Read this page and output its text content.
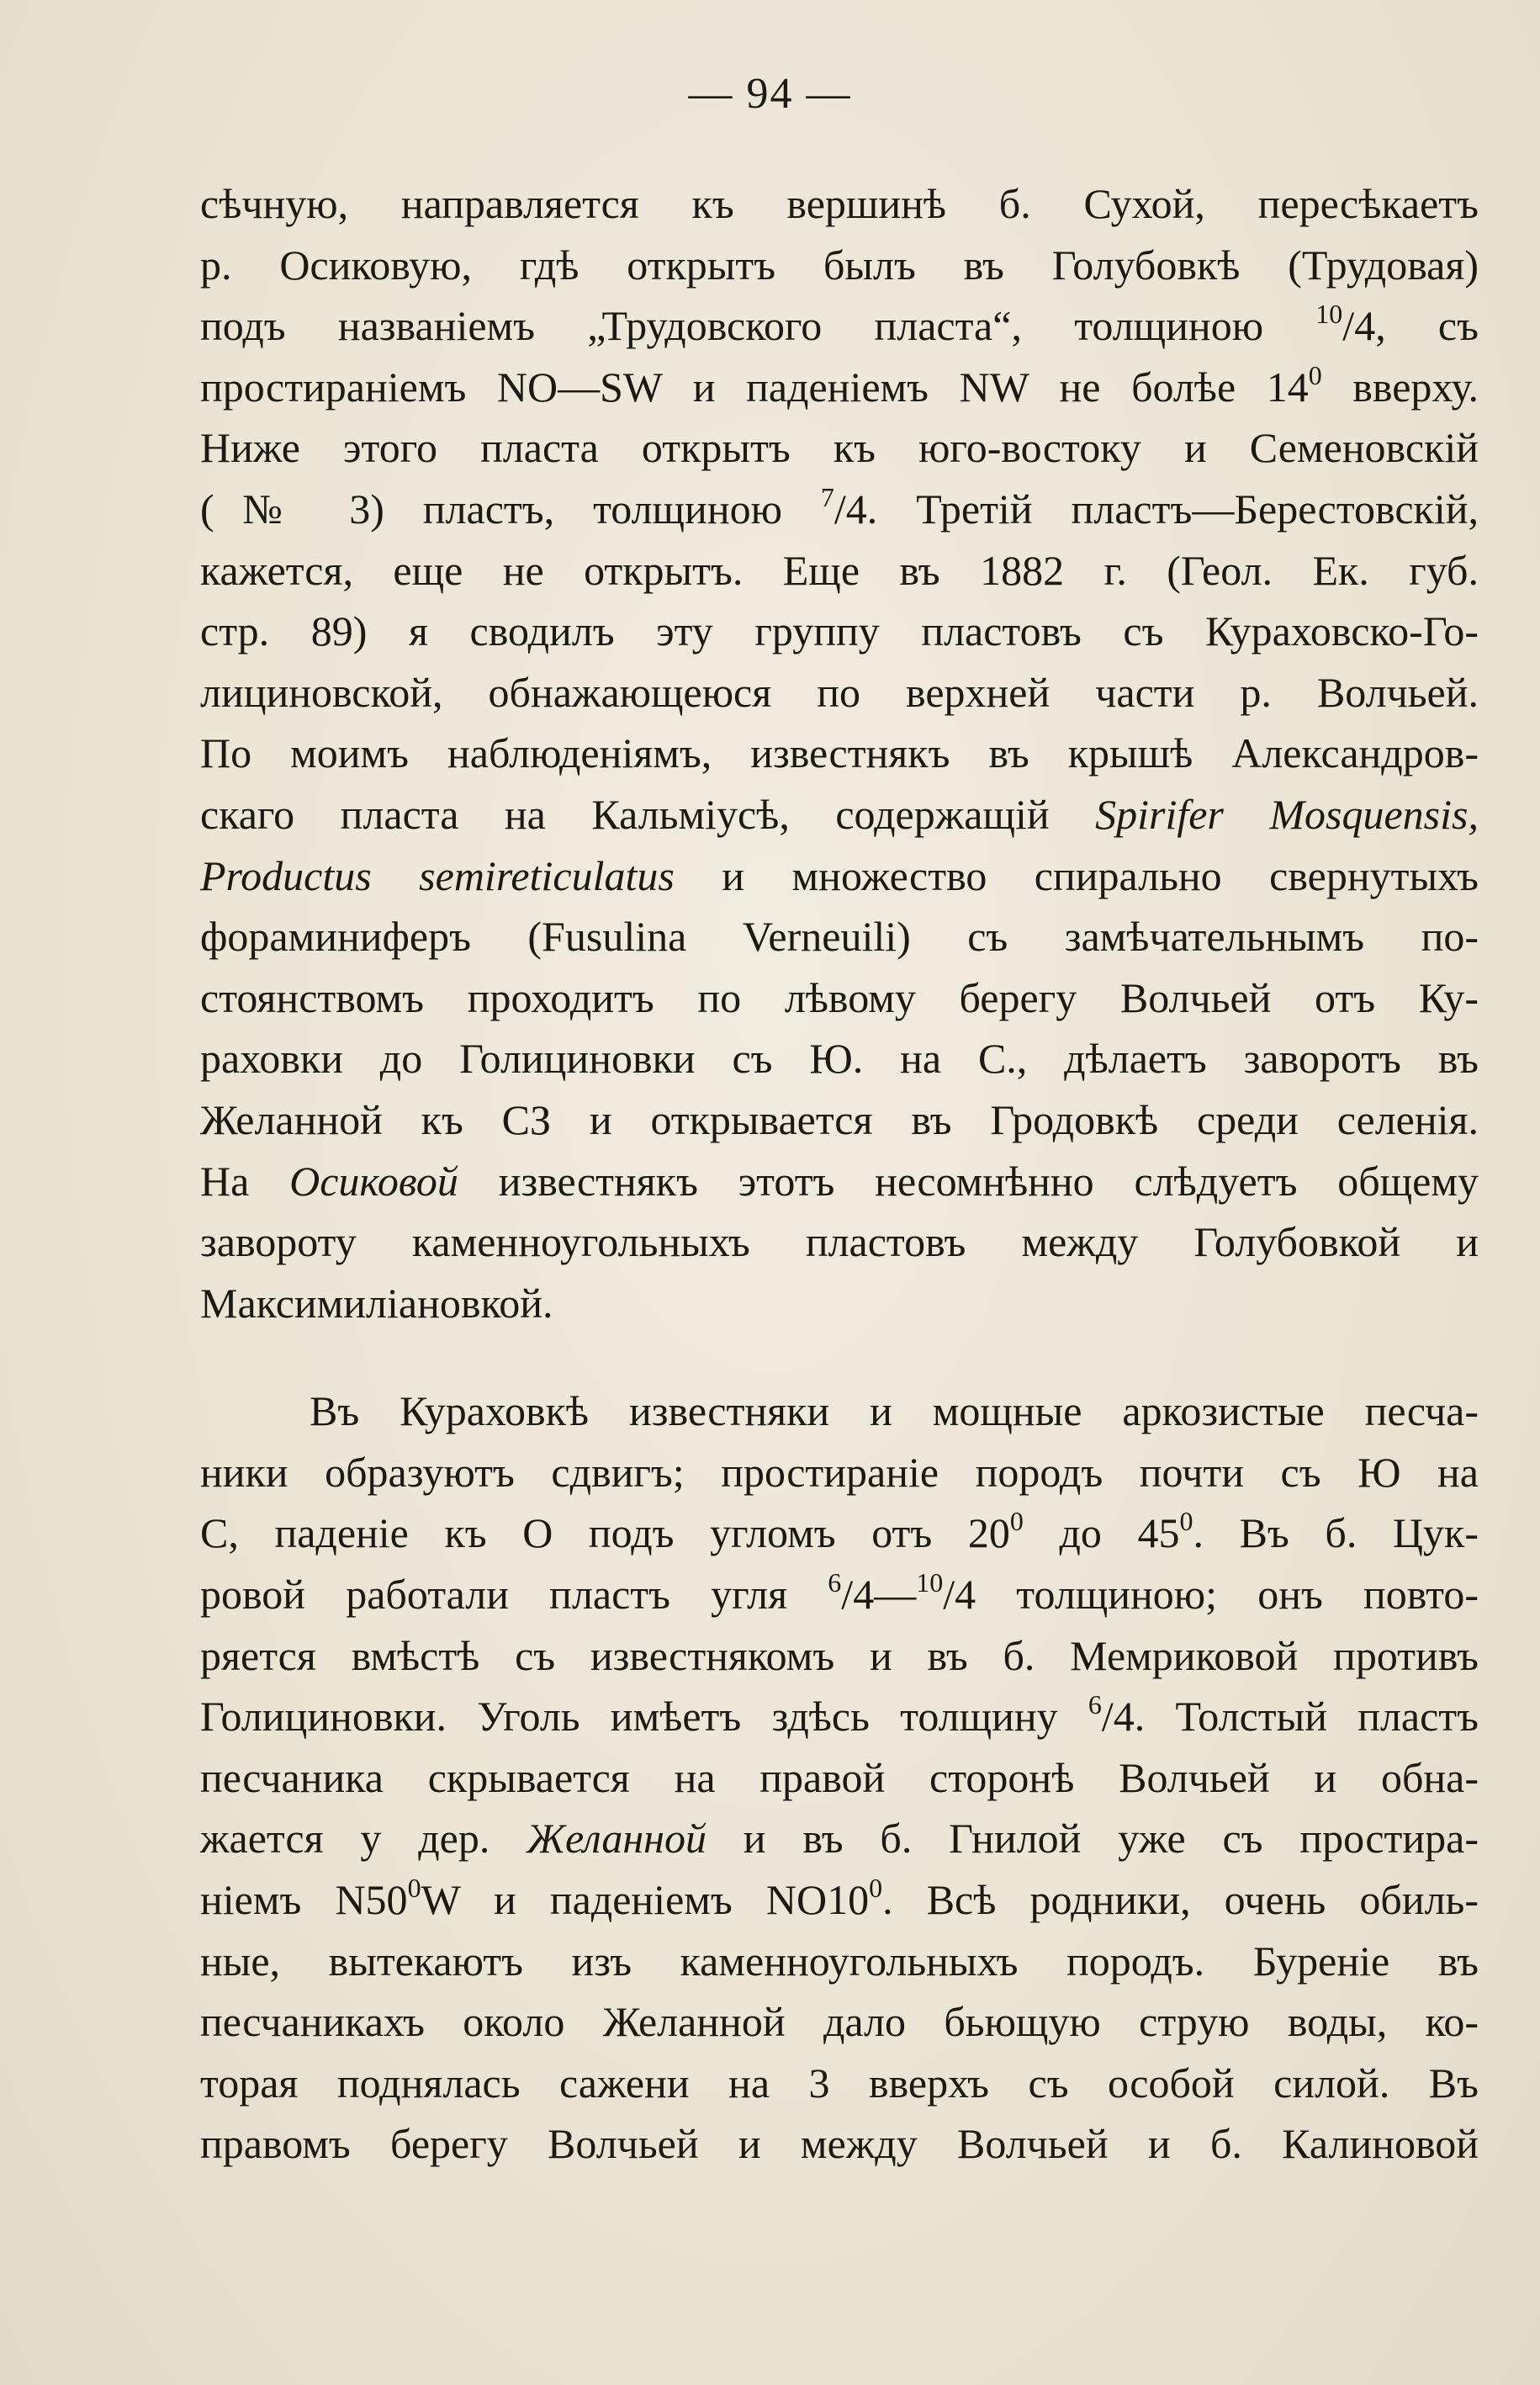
— 94 —
сѣчную, направляется къ вершинѣ б. Сухой, пересѣкаетъ
р. Осиковую, гдѣ открытъ былъ въ Голубовкѣ (Трудовая)
подъ названіемъ „Трудовского пласта“, толщиною $^{10}$/4, съ
простираніемъ NO—SW и паденіемъ NW не болѣе $14^0$ вверху.
Ниже этого пласта открытъ къ юго-востоку и Семеновскій
(№ 3) пластъ, толщиною $^7$/4. Третій пластъ—Берестовскій,
кажется, еще не открытъ. Еще въ 1882 г. (Геол. Ек. губ.
стр. 89) я сводилъ эту группу пластовъ съ Кураховско-Го-
лициновской, обнажающеюся по верхней части р. Волчьей.
По моимъ наблюденіямъ, известнякъ въ крышѣ Александров-
скаго пласта на Кальміусѣ, содержащій Spirifer Mosquensis,
Productus semireticulatus и множество спирально свернутыхъ
фораминиферъ (Fusulina Verneuili) съ замѣчательнымъ по-
стоянствомъ проходитъ по лѣвому берегу Волчьей отъ Ку-
раховки до Голициновки съ Ю. на С., дѣлаетъ заворотъ въ
Желанной къ СЗ и открывается въ Гродовкѣ среди селенія.
На Осиковой известнякъ этотъ несомнѣнно слѣдуетъ общему
завороту каменноугольныхъ пластовъ между Голубовкой и
Максимиліановкой.
Въ Кураховкѣ известняки и мощные аркозистые песча-
ники образуютъ сдвигъ; простираніе породъ почти съ Ю на
С, паденіе къ О подъ угломъ отъ $20^0$ до $45^0$. Въ б. Цук-
ровой работали пластъ угля $^6$/4—$^{10}$/4 толщиною; онъ повто-
ряется вмѣстѣ съ известнякомъ и въ б. Мемриковой противъ
Голициновки. Уголь имѣетъ здѣсь толщину $^6$/4. Толстый пластъ
песчаника скрывается на правой сторонѣ Волчьей и обна-
жается у дер. Желанной и въ б. Гнилой уже съ простира-
ніемъ $N50^0W$ и паденіемъ $NO10^0$. Всѣ родники, очень обиль-
ные, вытекаютъ изъ каменноугольныхъ породъ. Буреніе въ
песчаникахъ около Желанной дало бьющую струю воды, ко-
торая поднялась сажени на 3 вверхъ съ особой силой. Въ
правомъ берегу Волчьей и между Волчьей и б. Калиновой
